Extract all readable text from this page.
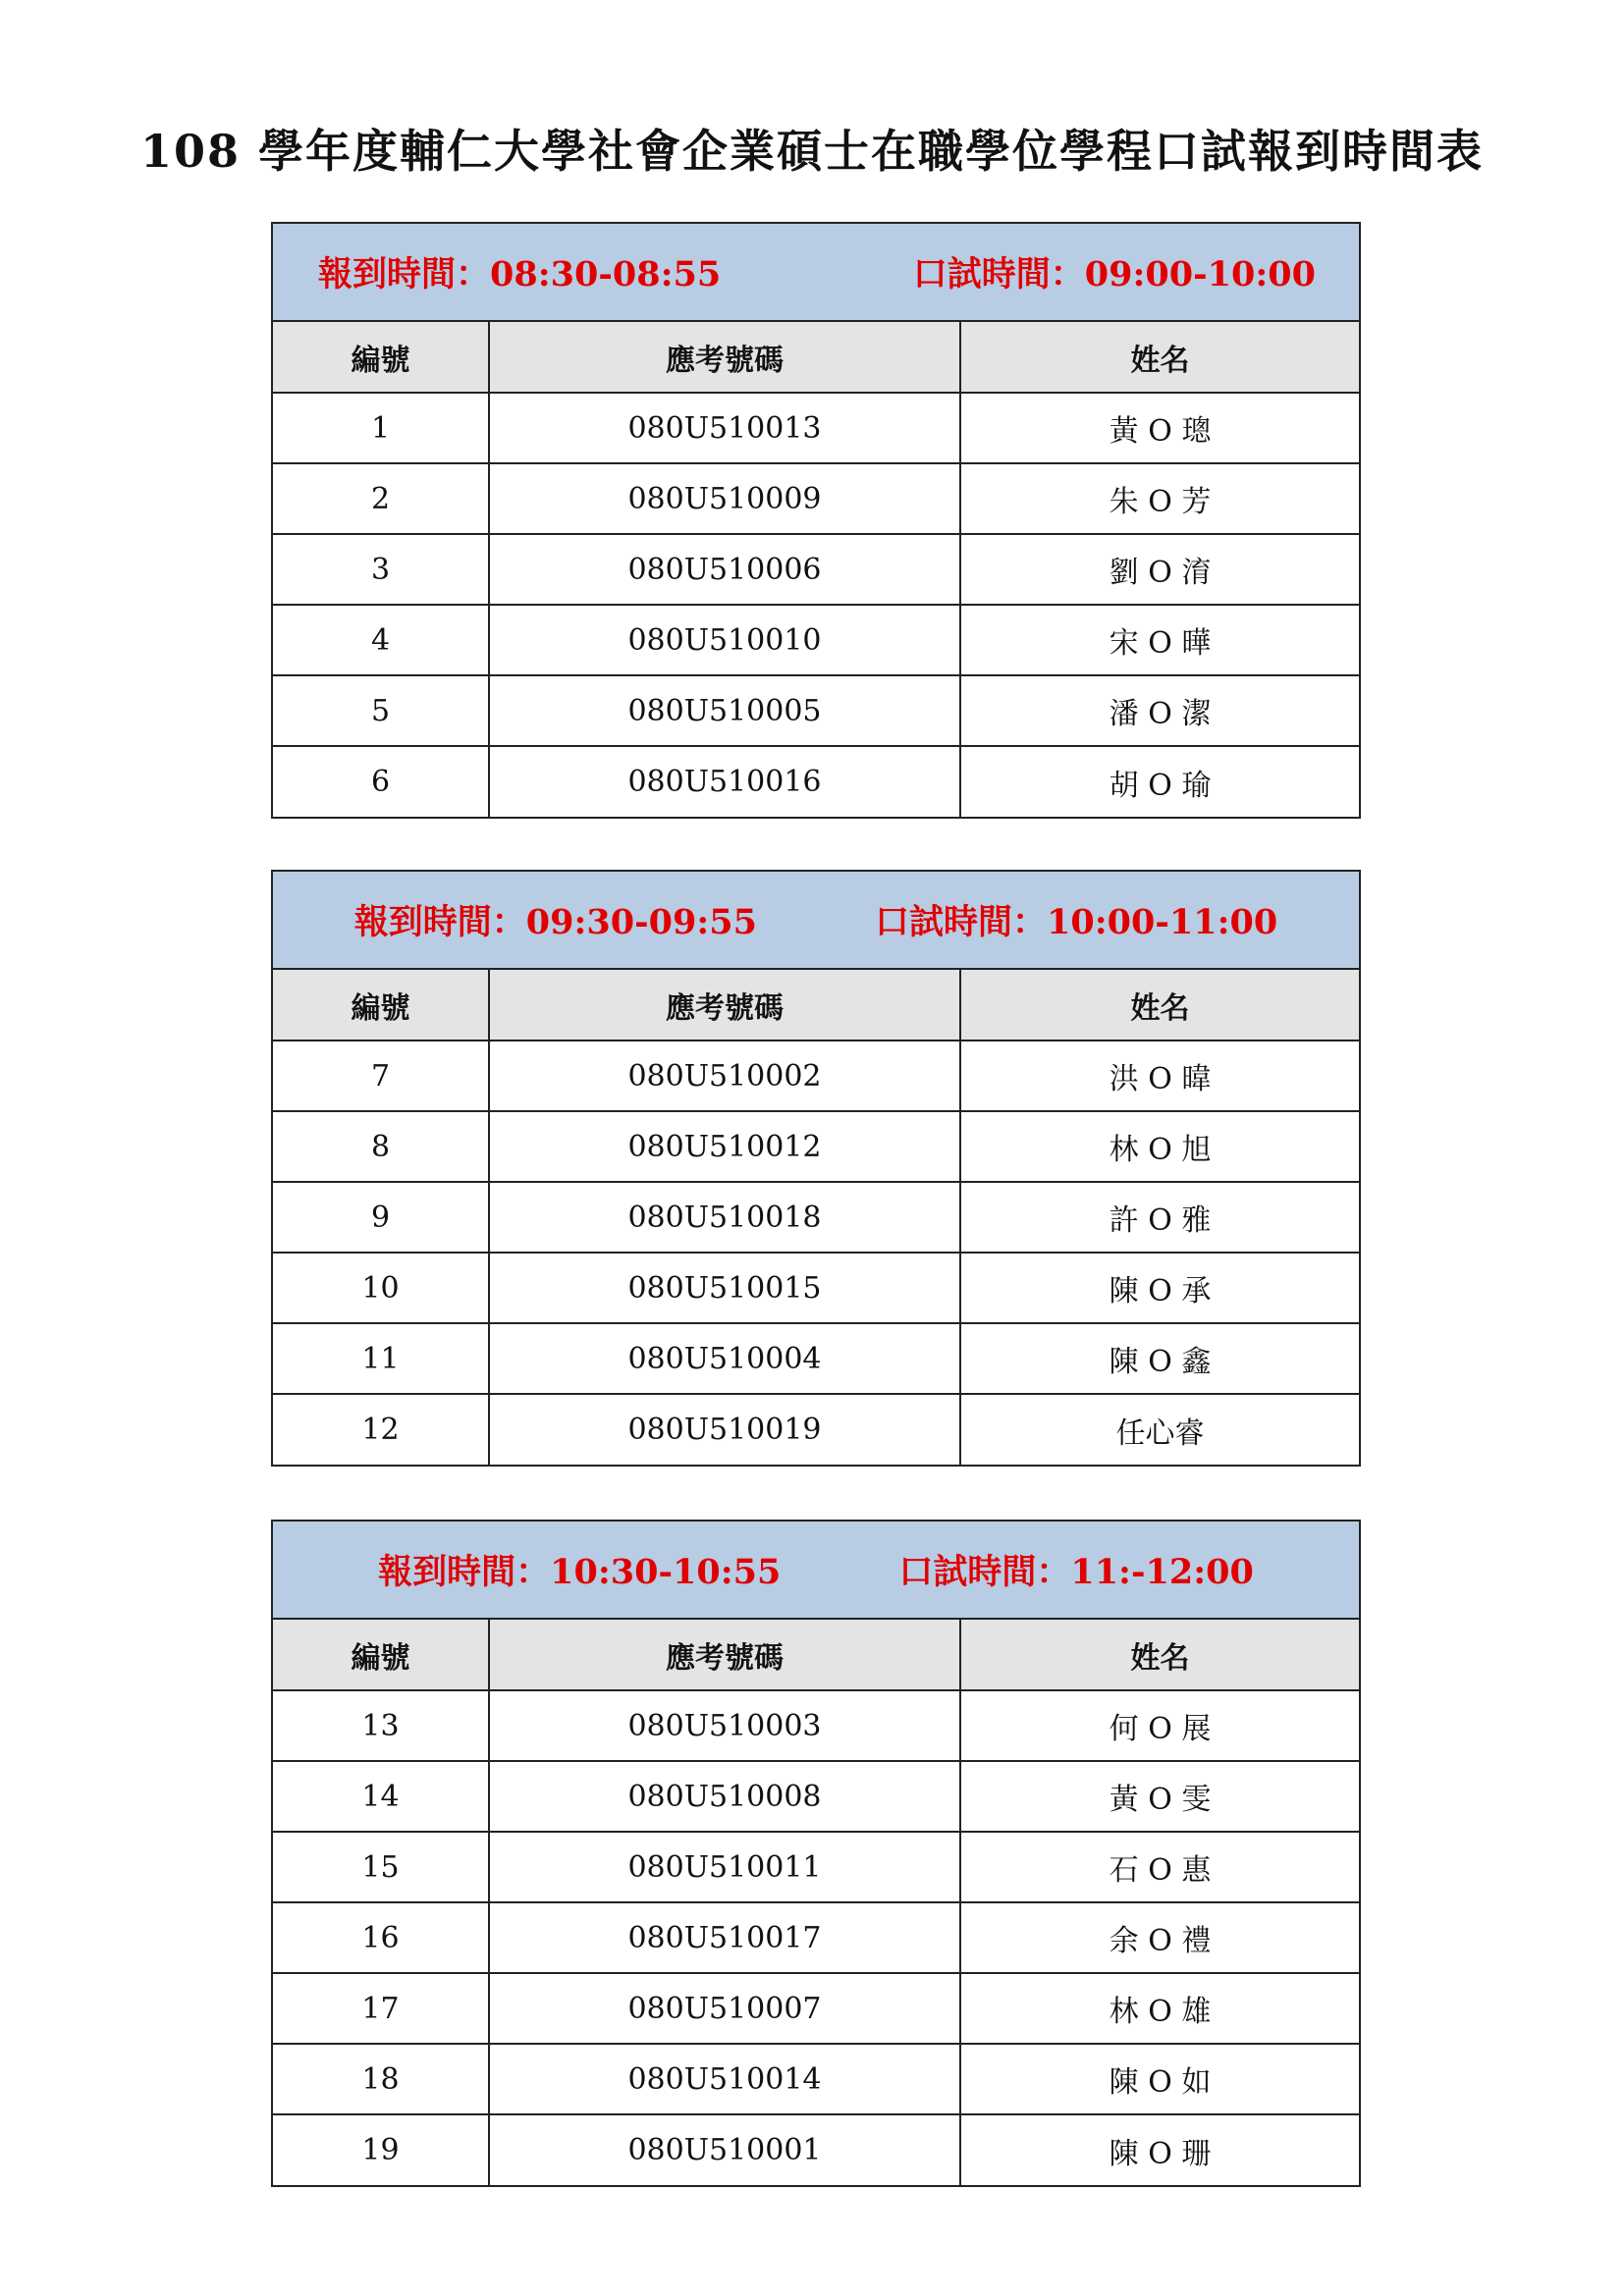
108 學年度輔仁大學社會企業碩士在職學位學程口試報到時間表
報到時間：08:30-08:55	口試時間：09:00-10:00
編號	應考號碼	姓名
1	080U510013	黃 O 璁
2	080U510009	朱 O 芳
3	080U510006	劉 O 淯
4	080U510010	宋 O 曄
5	080U510005	潘 O 潔
6	080U510016	胡 O 瑜
報到時間：09:30-09:55	口試時間：10:00-11:00
編號	應考號碼	姓名
7	080U510002	洪 O 暐
8	080U510012	林 O 旭
9	080U510018	許 O 雅
10	080U510015	陳 O 承
11	080U510004	陳 O 鑫
12	080U510019	任心睿
報到時間：10:30-10:55	口試時間：11:-12:00
編號	應考號碼	姓名
13	080U510003	何 O 展
14	080U510008	黃 O 雯
15	080U510011	石 O 惠
16	080U510017	余 O 禮
17	080U510007	林 O 雄
18	080U510014	陳 O 如
19	080U510001	陳 O 珊
